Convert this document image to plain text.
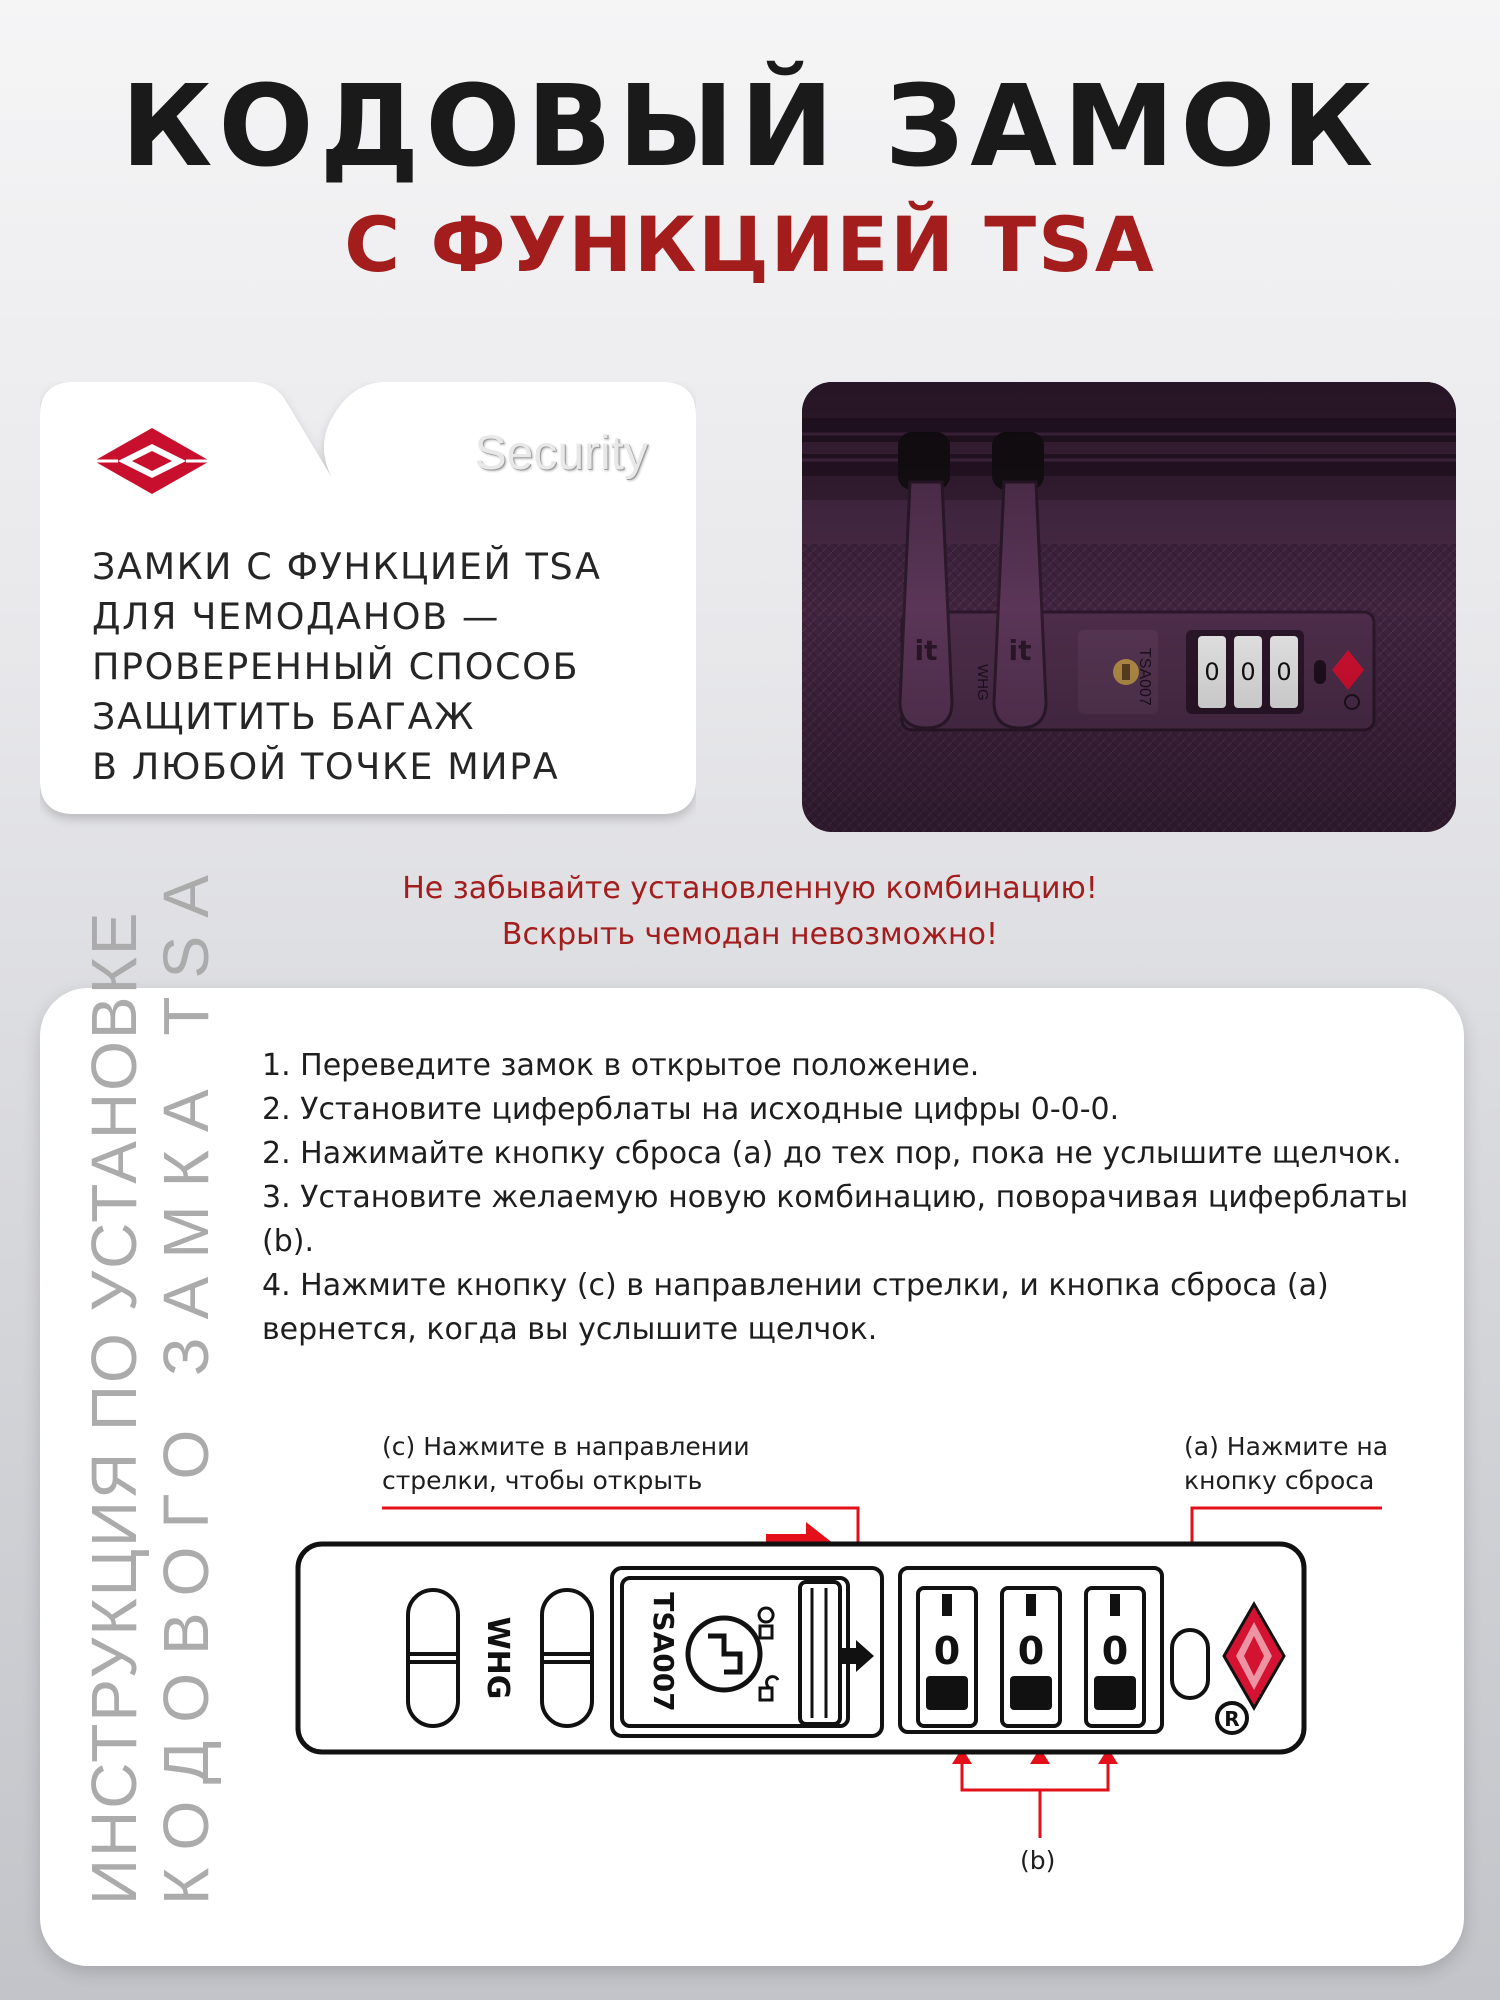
КОДОВЫЙ ЗАМОК
С ФУНКЦИЕЙ TSA
Security
ЗАМКИ С ФУНКЦИЕЙ TSA
ДЛЯ ЧЕМОДАНОВ —
ПРОВЕРЕННЫЙ СПОСОБ
ЗАЩИТИТЬ БАГАЖ
В ЛЮБОЙ ТОЧКЕ МИРА
Не забывайте установленную комбинацию!
Вскрыть чемодан невозможно!
ИНСТРУКЦИЯ ПО УСТАНОВКЕ КОДОВОГО ЗАМКА TSA 1. Переведите замок в открытое положение.

2. Установите циферблаты на исходные цифры 0-0-0.

2. Нажимайте кнопку сброса (a) до тех пор, пока не услышите щелчок.

3. Установите желаемую новую комбинацию, поворачивая циферблаты (b).

4. Нажмите кнопку (c) в направлении стрелки, и кнопка сброса (a) вернется, когда вы услышите щелчок.

(c) Нажмите в направлении
стрелки, чтобы открыть
(a) Нажмите на
кнопку сброса
(b)
WHG	TSA007	0 0 0
R
